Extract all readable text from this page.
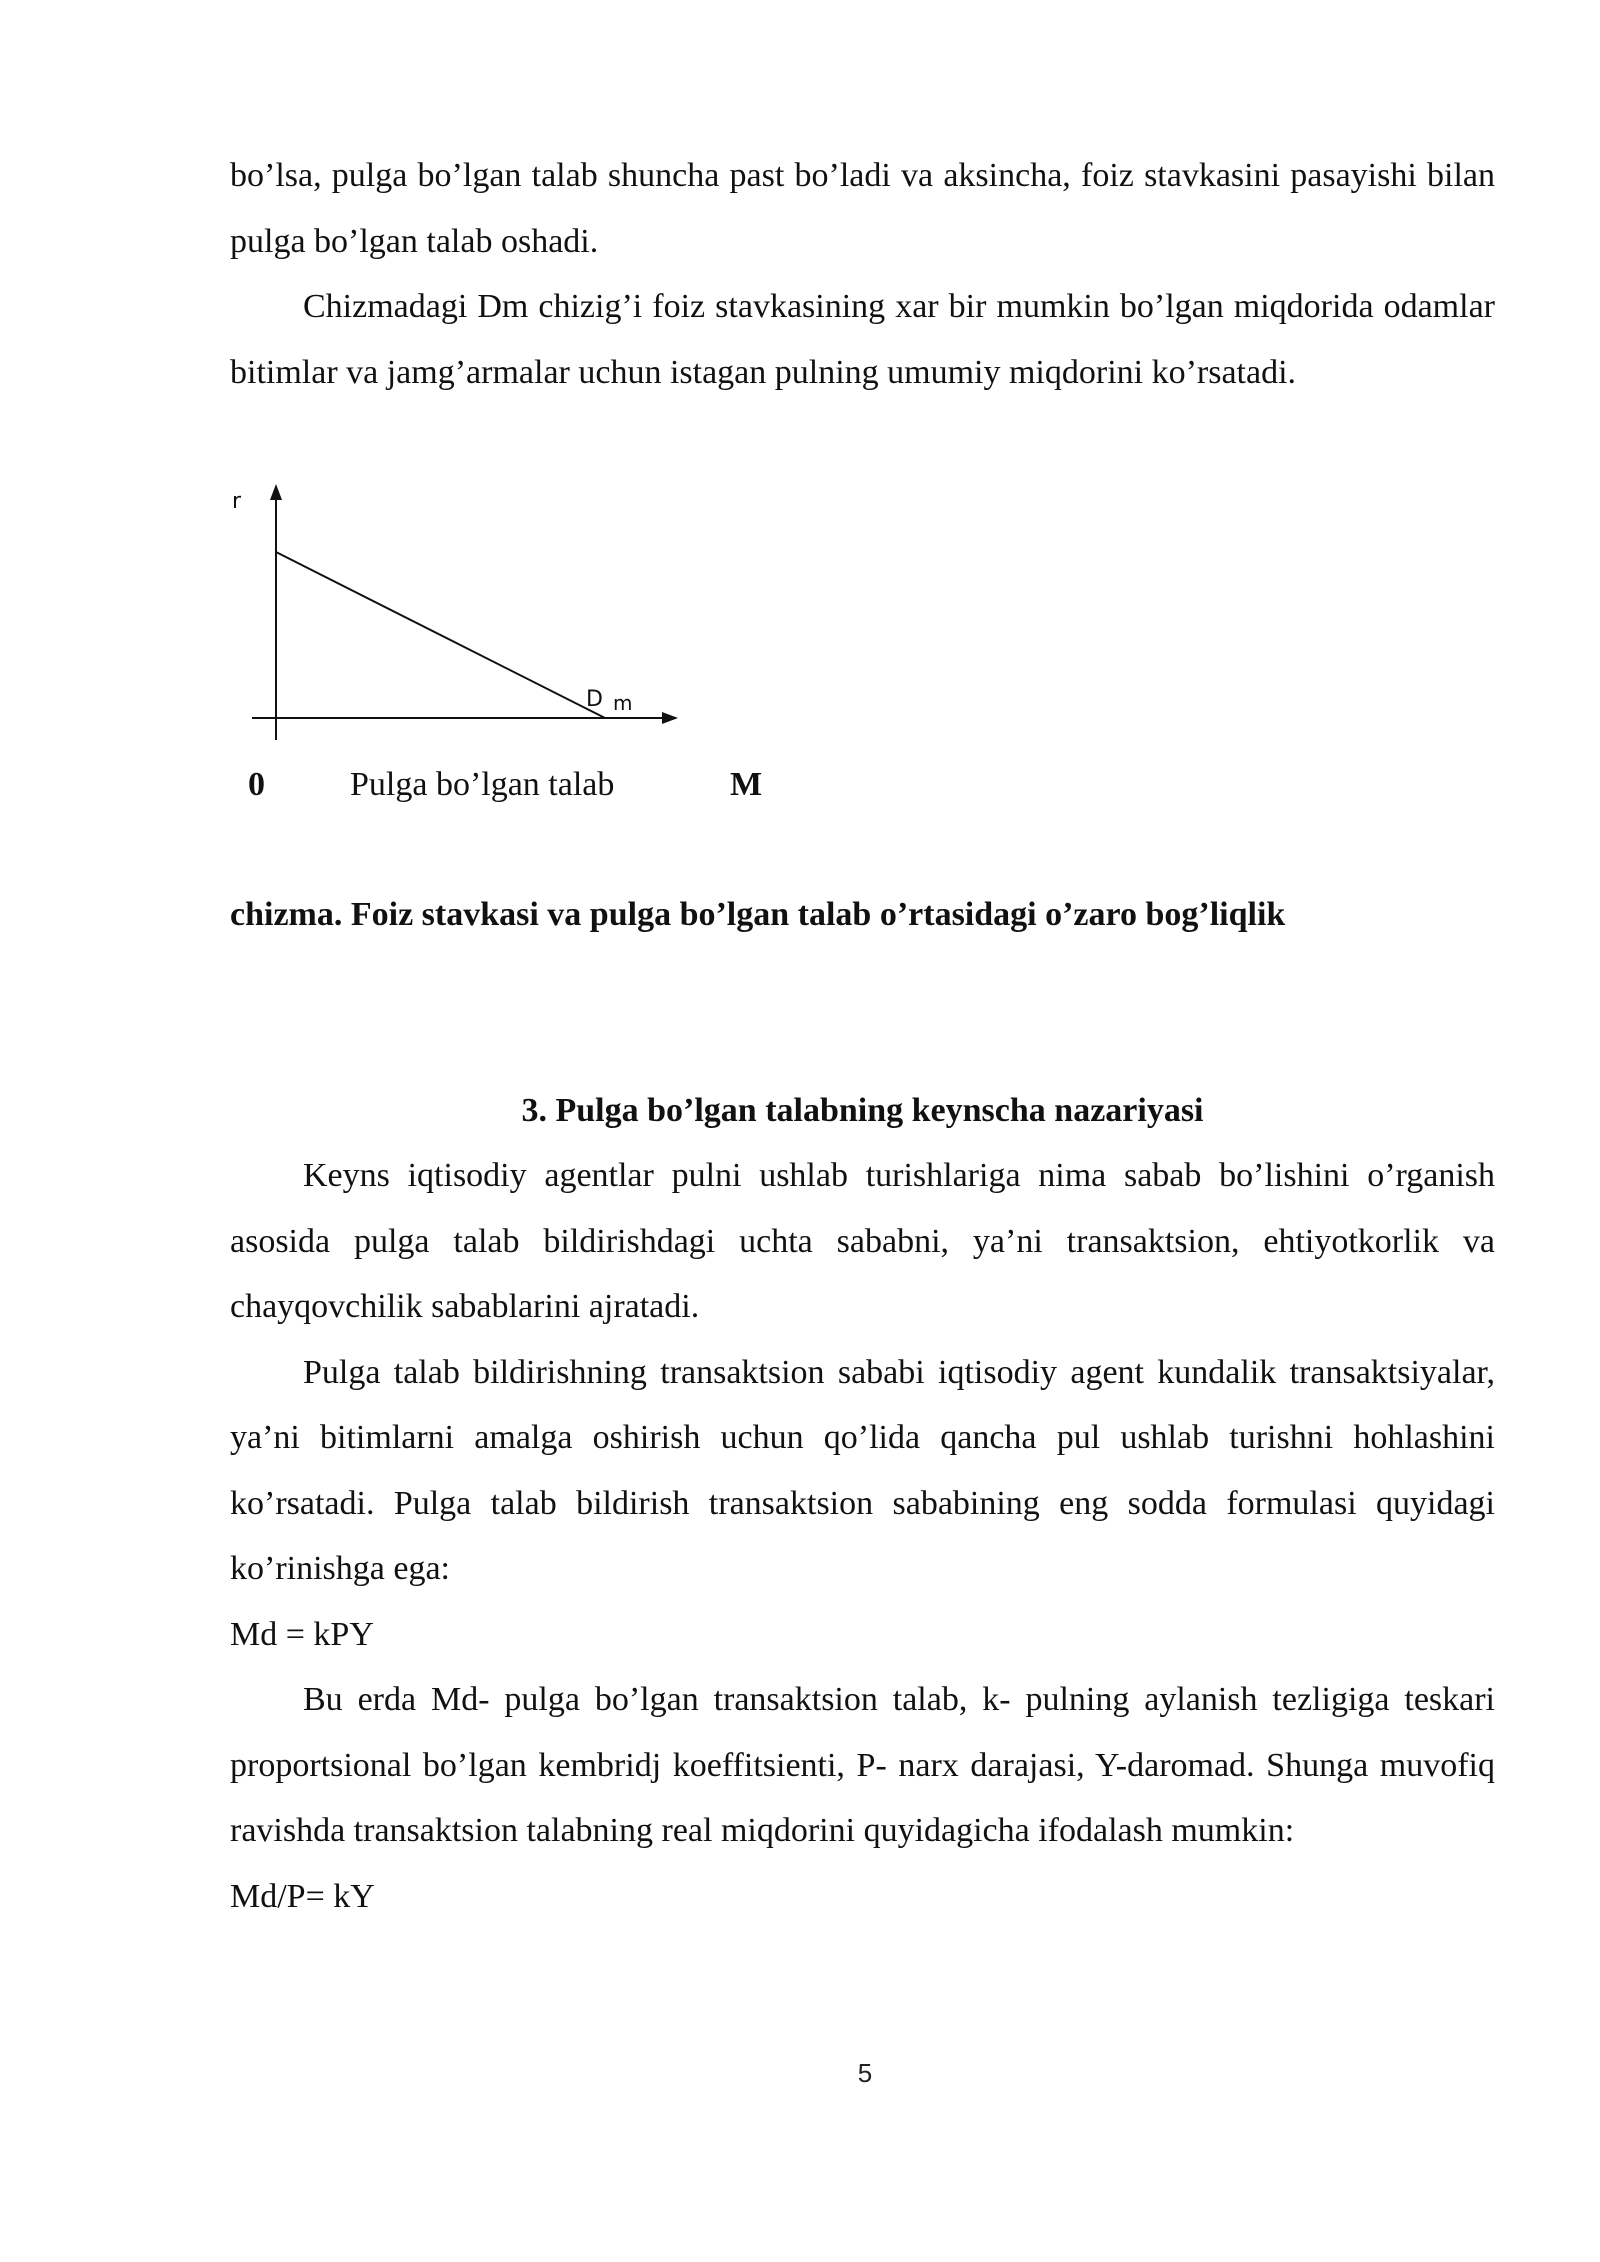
bo’lsa, pulga bo’lgan talab shuncha past bo’ladi va aksincha, foiz stavkasini pasayishi bilan pulga bo’lgan talab oshadi.

Chizmadagi Dm chizig’i foiz stavkasining xar bir mumkin bo’lgan miqdorida odamlar bitimlar va jamg’armalar uchun istagan pulning umumiy miqdorini ko’rsatadi.

r
D m
0	Pulga bo’lgan talab	M
chizma. Foiz stavkasi va pulga bo’lgan talab o’rtasidagi o’zaro bog’liqlik
3. Pulga bo’lgan talabning keynscha nazariyasi

Keyns iqtisodiy agentlar pulni ushlab turishlariga nima sabab bo’lishini o’rganish asosida pulga talab bildirishdagi uchta sababni, ya’ni transaktsion, ehtiyotkorlik va chayqovchilik sabablarini ajratadi.

Pulga talab bildirishning transaktsion sababi iqtisodiy agent kundalik transaktsiyalar, ya’ni bitimlarni amalga oshirish uchun qo’lida qancha pul ushlab turishni hohlashini ko’rsatadi. Pulga talab bildirish transaktsion sababining eng sodda formulasi quyidagi ko’rinishga ega:

Md = kPY

Bu erda Md- pulga bo’lgan transaktsion talab, k- pulning aylanish tezligiga teskari proportsional bo’lgan kembridj koeffitsienti, P- narx darajasi, Y-daromad. Shunga muvofiq ravishda transaktsion talabning real miqdorini quyidagicha ifodalash mumkin:

Md/P= kY

5
